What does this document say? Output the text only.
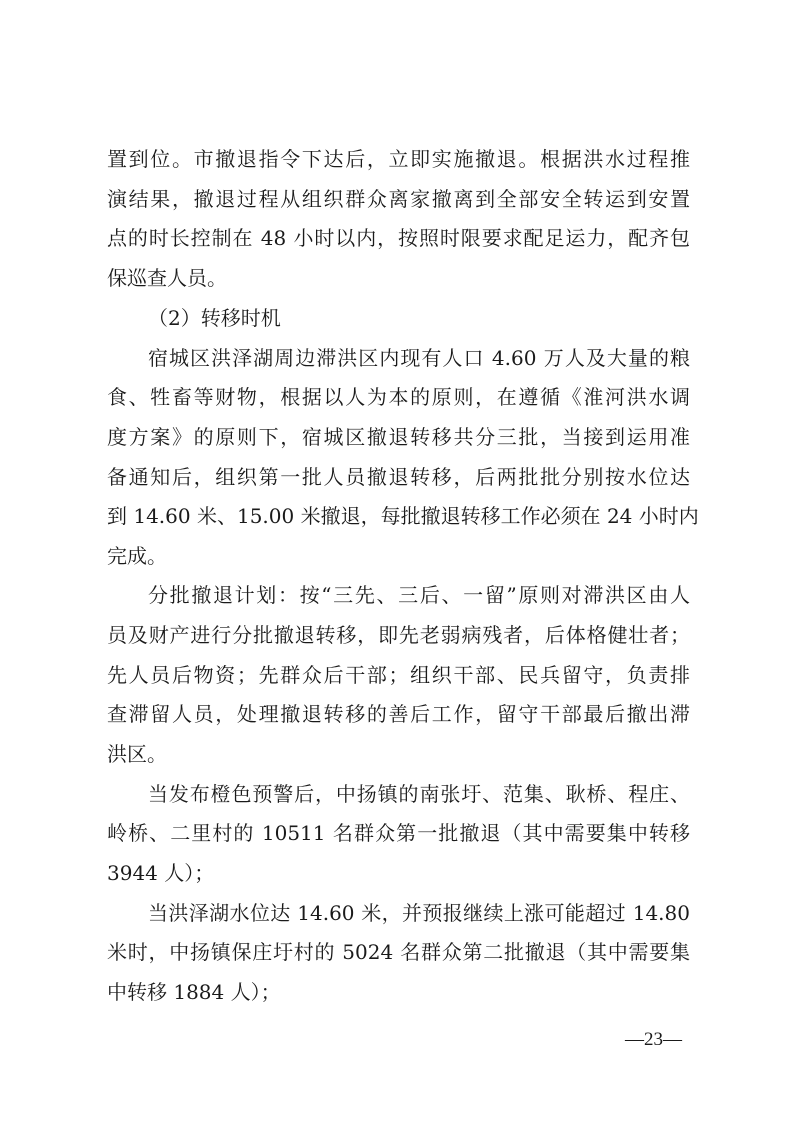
置到位。市撤退指令下达后，立即实施撤退。根据洪水过程推
演结果，撤退过程从组织群众离家撤离到全部安全转运到安置
点的时长控制在 48 小时以内，按照时限要求配足运力，配齐包
保巡查人员。
（2）转移时机
宿城区洪泽湖周边滞洪区内现有人口 4.60 万人及大量的粮
食、牲畜等财物，根据以人为本的原则，在遵循《淮河洪水调
度方案》的原则下，宿城区撤退转移共分三批，当接到运用准
备通知后，组织第一批人员撤退转移，后两批批分别按水位达
到 14.60 米、15.00 米撤退，每批撤退转移工作必须在 24 小时内
完成。
分批撤退计划：按“三先、三后、一留”原则对滞洪区由人
员及财产进行分批撤退转移，即先老弱病残者，后体格健壮者；
先人员后物资；先群众后干部；组织干部、民兵留守，负责排
查滞留人员，处理撤退转移的善后工作，留守干部最后撤出滞
洪区。
当发布橙色预警后，中扬镇的南张圩、范集、耿桥、程庄、
岭桥、二里村的 10511 名群众第一批撤退（其中需要集中转移
3944 人）；
当洪泽湖水位达 14.60 米，并预报继续上涨可能超过 14.80
米时，中扬镇保庄圩村的 5024 名群众第二批撤退（其中需要集
中转移 1884 人）；
—23—
